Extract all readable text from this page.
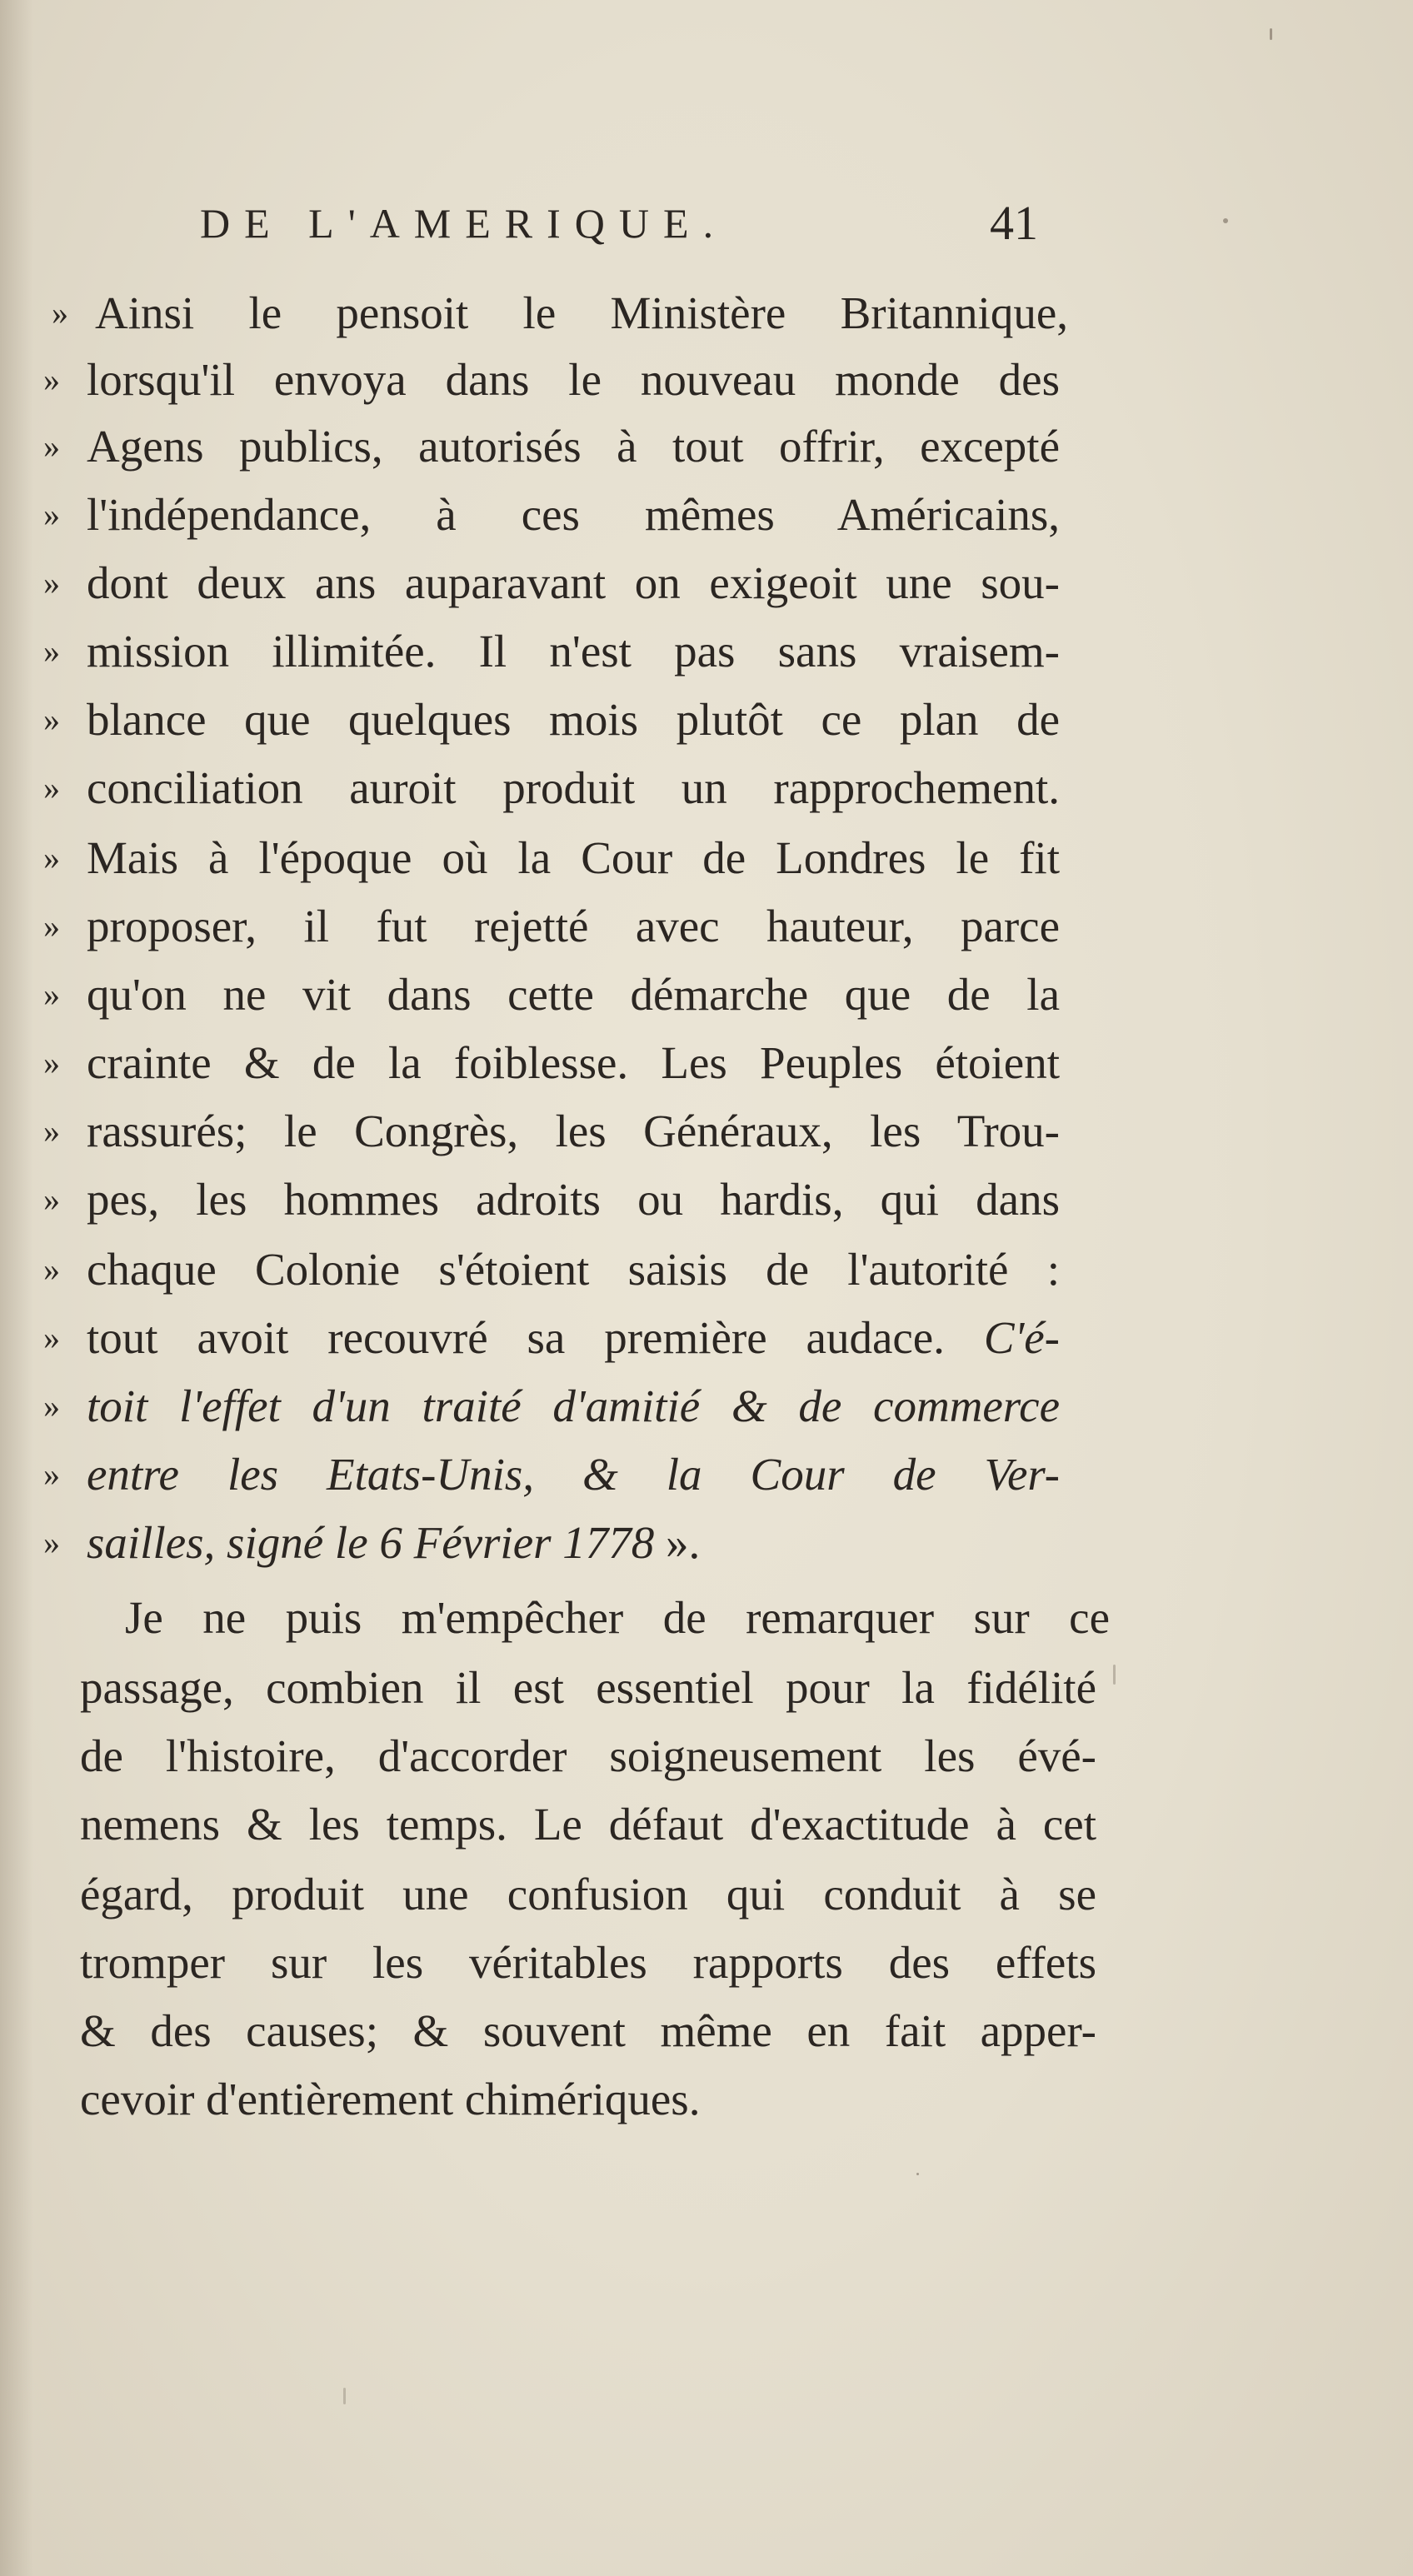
DE L'AMERIQUE.	41
» Ainsi le pensoit le Ministère Britannique,
» lorsqu'il envoya dans le nouveau monde des
» Agens publics, autorisés à tout offrir, excepté
» l'indépendance, à ces mêmes Américains,
» dont deux ans auparavant on exigeoit une sou-
» mission illimitée. Il n'est pas sans vraisem-
» blance que quelques mois plutôt ce plan de
» conciliation auroit produit un rapprochement.
» Mais à l'époque où la Cour de Londres le fit
» proposer, il fut rejetté avec hauteur, parce
» qu'on ne vit dans cette démarche que de la
» crainte & de la foiblesse. Les Peuples étoient
» rassurés; le Congrès, les Généraux, les Trou-
» pes, les hommes adroits ou hardis, qui dans
» chaque Colonie s'étoient saisis de l'autorité :
» tout avoit recouvré sa première audace. C'é-
» toit l'effet d'un traité d'amitié & de commerce
» entre les Etats-Unis, & la Cour de Ver-
» sailles, signé le 6 Février 1778 ».
Je ne puis m'empêcher de remarquer sur ce
passage, combien il est essentiel pour la fidélité
de l'histoire, d'accorder soigneusement les évé-
nemens & les temps. Le défaut d'exactitude à cet
égard, produit une confusion qui conduit à se
tromper sur les véritables rapports des effets
& des causes; & souvent même en fait apper-
cevoir d'entièrement chimériques.
